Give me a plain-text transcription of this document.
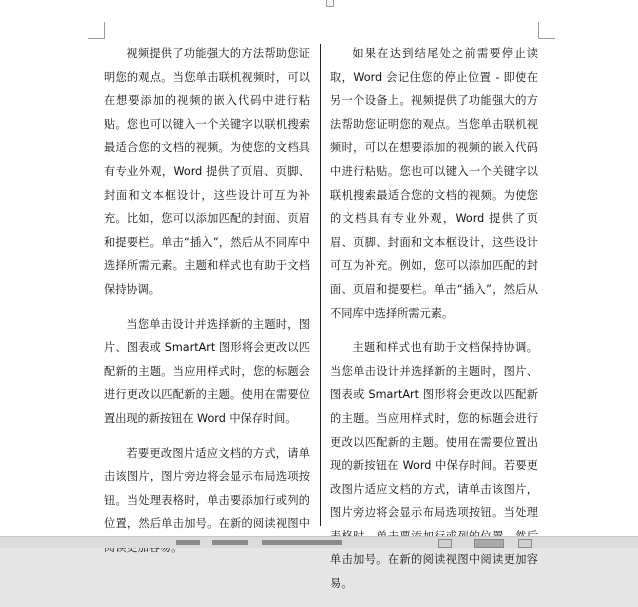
视频提供了功能强大的方法帮助您证明您的观点。当您单击联机视频时，可以在想要添加的视频的嵌入代码中进行粘贴。您也可以键入一个关键字以联机搜索最适合您的文档的视频。为使您的文档具有专业外观，Word 提供了页眉、页脚、封面和文本框设计，这些设计可互为补充。比如，您可以添加匹配的封面、页眉和提要栏。单击“插入”，然后从不同库中选择所需元素。主题和样式也有助于文档保持协调。

当您单击设计并选择新的主题时，图片、图表或 SmartArt 图形将会更改以匹配新的主题。当应用样式时，您的标题会进行更改以匹配新的主题。使用在需要位置出现的新按钮在 Word 中保存时间。

若要更改图片适应文档的方式，请单击该图片，图片旁边将会显示布局选项按钮。当处理表格时，单击要添加行或列的位置，然后单击加号。在新的阅读视图中

如果在达到结尾处之前需要停止读取，Word 会记住您的停止位置 - 即使在另一个设备上。视频提供了功能强大的方法帮助您证明您的观点。当您单击联机视频时，可以在想要添加的视频的嵌入代码中进行粘贴。您也可以键入一个关键字以联机搜索最适合您的文档的视频。为使您的文档具有专业外观，Word 提供了页眉、页脚、封面和文本框设计，这些设计可互为补充。例如，您可以添加匹配的封面、页眉和提要栏。单击“插入”，然后从不同库中选择所需元素。

主题和样式也有助于文档保持协调。当您单击设计并选择新的主题时，图片、图表或 SmartArt 图形将会更改以匹配新的主题。当应用样式时，您的标题会进行更改以匹配新的主题。使用在需要位置出现的新按钮在 Word 中保存时间。若要更改图片适应文档的方式，请单击该图片，图片旁边将会显示布局选项按钮。当处理 单击加号。在新的阅读视图中阅读更加容易。
